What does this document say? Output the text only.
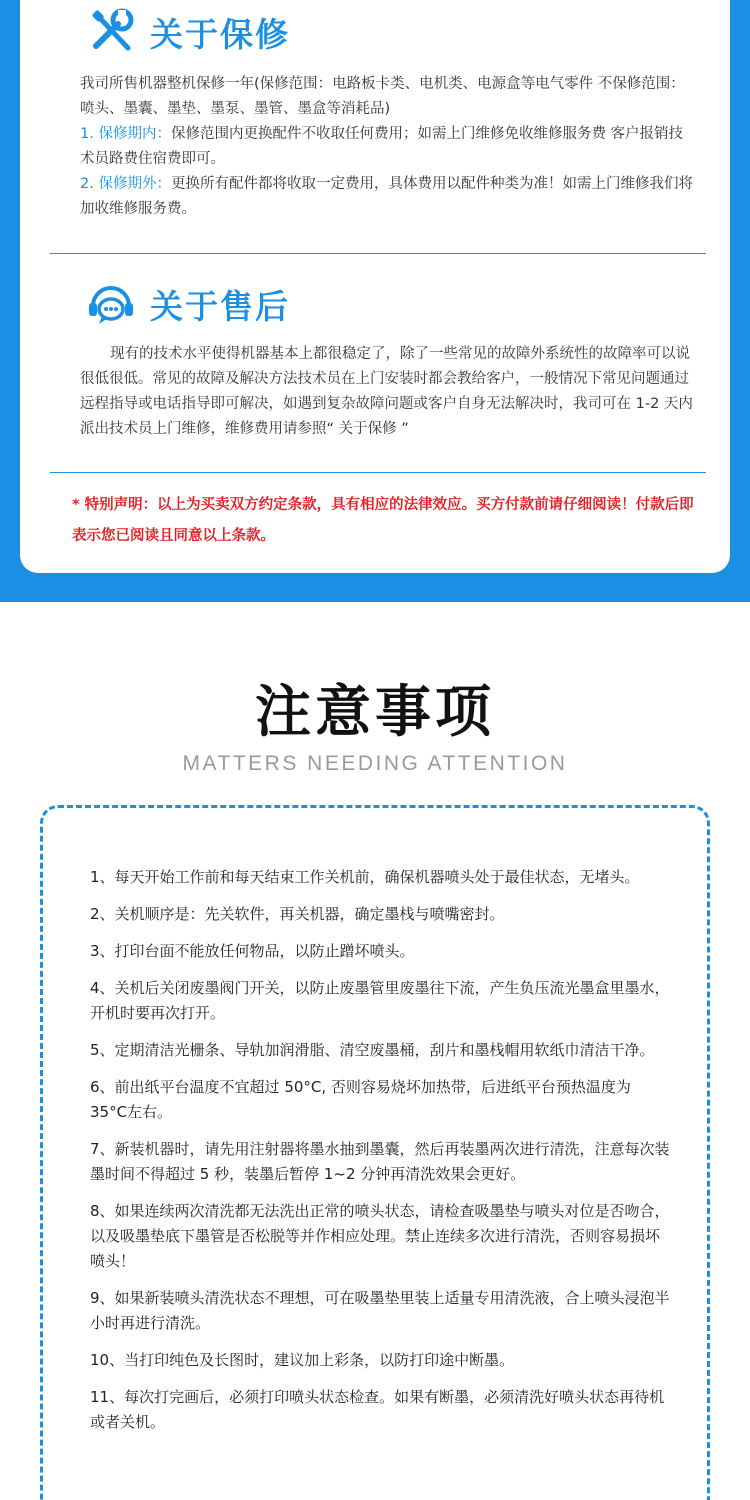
关于保修
我司所售机器整机保修一年(保修范围：电路板卡类、电机类、电源盒等电气零件 不保修范围：喷头、墨囊、墨垫、墨泵、墨管、墨盒等消耗品)
1. 保修期内：保修范围内更换配件不收取任何费用；如需上门维修免收维修服务费 客户报销技术员路费住宿费即可。
2. 保修期外：更换所有配件都将收取一定费用，具体费用以配件种类为准！如需上门维修我们将加收维修服务费。
关于售后
现有的技术水平使得机器基本上都很稳定了，除了一些常见的故障外系统性的故障率可以说很低很低。常见的故障及解决方法技术员在上门安装时都会教给客户，一般情况下常见问题通过远程指导或电话指导即可解决，如遇到复杂故障问题或客户自身无法解决时，我司可在 1-2 天内派出技术员上门维修，维修费用请参照“ 关于保修 ”
* 特别声明：以上为买卖双方约定条款，具有相应的法律效应。买方付款前请仔细阅读！付款后即表示您已阅读且同意以上条款。
注意事项
MATTERS NEEDING ATTENTION
1、每天开始工作前和每天结束工作关机前，确保机器喷头处于最佳状态，无堵头。
2、关机顺序是：先关软件，再关机器，确定墨栈与喷嘴密封。
3、打印台面不能放任何物品，以防止蹭坏喷头。
4、关机后关闭废墨阀门开关，以防止废墨管里废墨往下流，产生负压流光墨盒里墨水，开机时要再次打开。
5、定期清洁光栅条、导轨加润滑脂、清空废墨桶，刮片和墨栈帽用软纸巾清洁干净。
6、前出纸平台温度不宜超过 50°C, 否则容易烧坏加热带，后进纸平台预热温度为 35°C左右。
7、新装机器时，请先用注射器将墨水抽到墨囊，然后再装墨两次进行清洗，注意每次装墨时间不得超过 5 秒，装墨后暂停 1~2 分钟再清洗效果会更好。
8、如果连续两次清洗都无法洗出正常的喷头状态，请检查吸墨垫与喷头对位是否吻合，以及吸墨垫底下墨管是否松脱等并作相应处理。禁止连续多次进行清洗，否则容易损坏喷头！
9、如果新装喷头清洗状态不理想，可在吸墨垫里装上适量专用清洗液，合上喷头浸泡半小时再进行清洗。
10、当打印纯色及长图时，建议加上彩条，以防打印途中断墨。
11、每次打完画后，必须打印喷头状态检查。如果有断墨，必须清洗好喷头状态再待机或者关机。
